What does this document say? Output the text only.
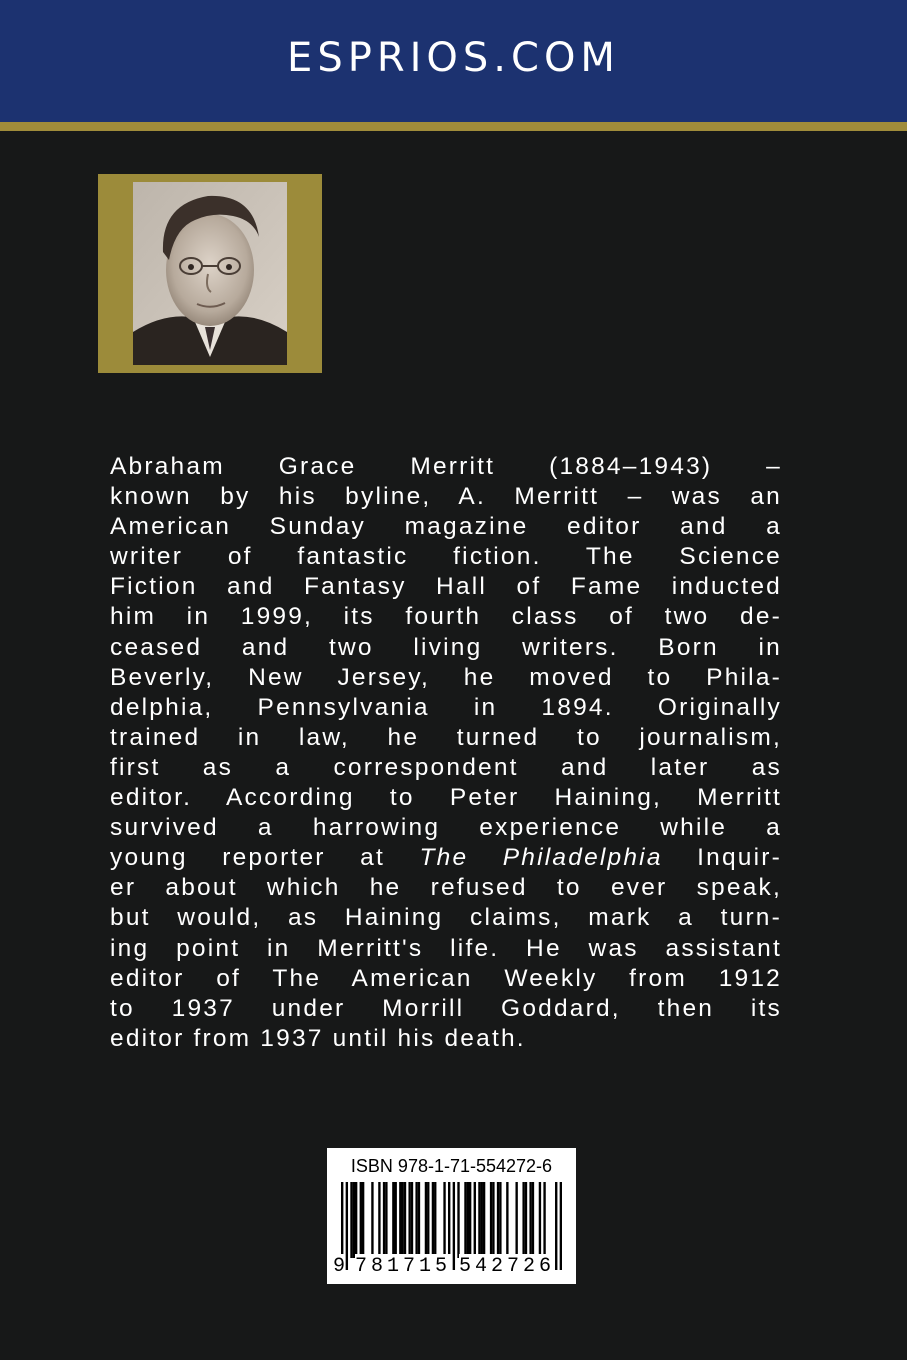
ESPRIOS.COM
Abraham Grace Merritt (1884–1943) –
known by his byline, A. Merritt – was an
American Sunday magazine editor and a
writer of fantastic fiction. The Science
Fiction and Fantasy Hall of Fame inducted
him in 1999, its fourth class of two de-
ceased and two living writers. Born in
Beverly, New Jersey, he moved to Phila-
delphia, Pennsylvania in 1894. Originally
trained in law, he turned to journalism,
first as a correspondent and later as
editor. According to Peter Haining, Merritt
survived a harrowing experience while a
young reporter at The Philadelphia Inquir-
er about which he refused to ever speak,
but would, as Haining claims, mark a turn-
ing point in Merritt's life. He was assistant
editor of The American Weekly from 1912
to 1937 under Morrill Goddard, then its
editor from 1937 until his death.
ISBN 978-1-71-554272-6
9 781715 542726
